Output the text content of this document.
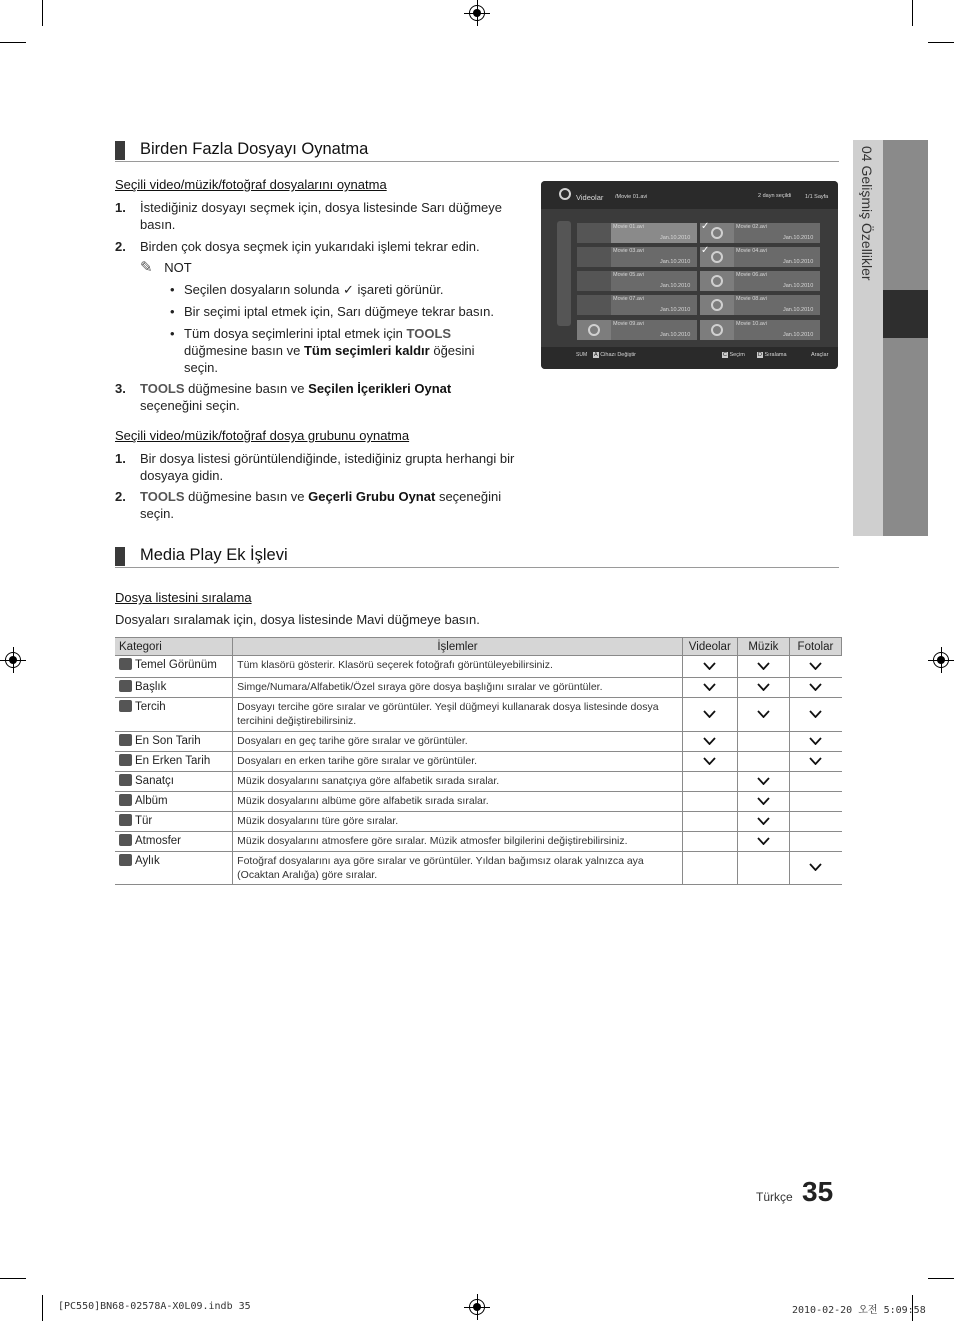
04 Gelişmiş Özellikler
Birden Fazla Dosyayı Oynatma
Seçili video/müzik/fotoğraf dosyalarını oynatma
1. İstediğiniz dosyayı seçmek için, dosya listesinde Sarı düğmeye basın.
2. Birden çok dosya seçmek için yukarıdaki işlemi tekrar edin.
✎ NOT
• Seçilen dosyaların solunda ✓ işareti görünür.
• Bir seçimi iptal etmek için, Sarı düğmeye tekrar basın.
• Tüm dosya seçimlerini iptal etmek için TOOLS düğmesine basın ve Tüm seçimleri kaldır öğesini seçin.
3. TOOLS düğmesine basın ve Seçilen İçerikleri Oynat seçeneğini seçin.
Seçili video/müzik/fotoğraf dosya grubunu oynatma
1. Bir dosya listesi görüntülendiğinde, istediğiniz grupta herhangi bir dosyaya gidin.
2. TOOLS düğmesine basın ve Geçerli Grubu Oynat seçeneğini seçin.
Videolar /Movie 01.avi	2 dayn seçildi 1/1 Sayfa
SUM A Cihazı Değiştir	C Seçim D Sıralama	Araçlar
Movie 01.avi
Jan.10.2010
Movie 02.avi
Jan.10.2010
✓
Movie 03.avi
Jan.10.2010
Movie 04.avi
Jan.10.2010
✓
Movie 05.avi
Jan.10.2010
Movie 06.avi
Jan.10.2010
Movie 07.avi
Jan.10.2010
Movie 08.avi
Jan.10.2010
Movie 09.avi
Jan.10.2010
Movie 10.avi
Jan.10.2010
Media Play Ek İşlevi
Dosya listesini sıralama
Dosyaları sıralamak için, dosya listesinde Mavi düğmeye basın.
Kategori	İşlemler	Videolar	Müzik	Fotolar
Temel Görünüm	Tüm klasörü gösterir. Klasörü seçerek fotoğrafı görüntüleyebilirsiniz.			
Başlık	Simge/Numara/Alfabetik/Özel sıraya göre dosya başlığını sıralar ve görüntüler.			
Tercih	Dosyayı tercihe göre sıralar ve görüntüler. Yeşil düğmeyi kullanarak dosya listesinde dosya tercihini değiştirebilirsiniz.			
En Son Tarih	Dosyaları en geç tarihe göre sıralar ve görüntüler.			
En Erken Tarih	Dosyaları en erken tarihe göre sıralar ve görüntüler.			
Sanatçı	Müzik dosyalarını sanatçıya göre alfabetik sırada sıralar.			
Albüm	Müzik dosyalarını albüme göre alfabetik sırada sıralar.			
Tür	Müzik dosyalarını türe göre sıralar.			
Atmosfer	Müzik dosyalarını atmosfere göre sıralar. Müzik atmosfer bilgilerini değiştirebilirsiniz.			
Aylık	Fotoğraf dosyalarını aya göre sıralar ve görüntüler. Yıldan bağımsız olarak yalnızca aya (Ocaktan Aralığa) göre sıralar.			
Türkçe 35
[PC550]BN68-02578A-X0L09.indb 35	2010-02-20 오전 5:09:58
